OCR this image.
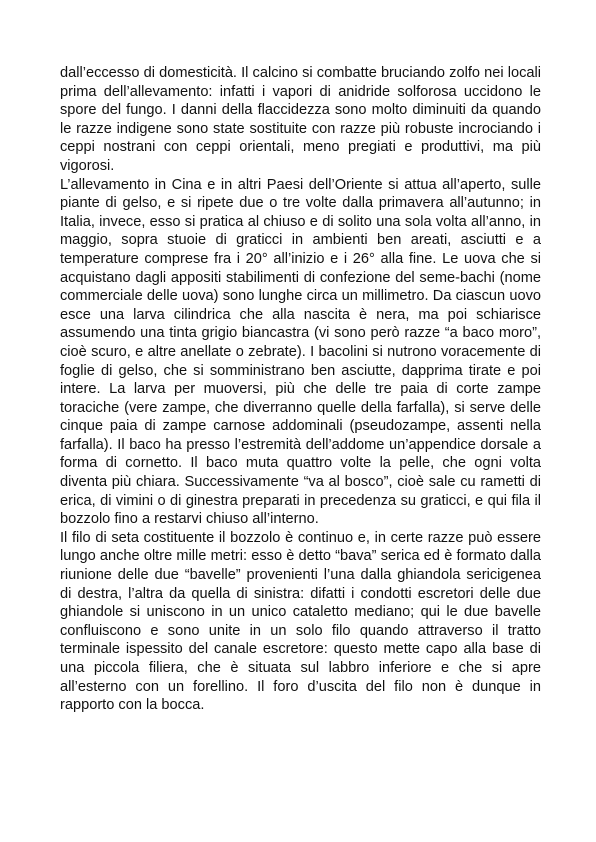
dall’eccesso di domesticità. Il calcino si combatte bruciando zolfo nei locali prima dell’allevamento: infatti i vapori di anidride solforosa uccidono le spore del fungo. I danni della flaccidezza sono molto diminuiti da quando le razze indigene sono state sostituite con razze più robuste incrociando i ceppi nostrani con ceppi orientali, meno pregiati e produttivi, ma più vigorosi.

L’allevamento in Cina e in altri Paesi dell’Oriente si attua all’aperto, sulle piante di gelso, e si ripete due o tre volte dalla primavera all’autunno; in Italia, invece, esso si pratica al chiuso e di solito una sola volta all’anno, in maggio, sopra stuoie di graticci in ambienti ben areati, asciutti e a temperature comprese fra i 20° all’inizio e i 26° alla fine. Le uova che si acquistano dagli appositi stabilimenti di confezione del seme-bachi (nome commerciale delle uova) sono lunghe circa un millimetro. Da ciascun uovo esce una larva cilindrica che alla nascita è nera, ma poi schiarisce assumendo una tinta grigio biancastra (vi sono però razze “a baco moro”, cioè scuro, e altre anellate o zebrate). I bacolini si nutrono voracemente di foglie di gelso, che si somministrano ben asciutte, dapprima tirate e poi intere. La larva per muoversi, più che delle tre paia di corte zampe toraciche (vere zampe, che diverranno quelle della farfalla), si serve delle cinque paia di zampe carnose addominali (pseudozampe, assenti nella farfalla). Il baco ha presso l’estremità dell’addome un’appendice dorsale a forma di cornetto. Il baco muta quattro volte la pelle, che ogni volta diventa più chiara. Successivamente “va al bosco”, cioè sale cu rametti di erica, di vimini o di ginestra preparati in precedenza su graticci, e qui fila il bozzolo fino a restarvi chiuso all’interno.

Il filo di seta costituente il bozzolo è continuo e, in certe razze può essere lungo anche oltre mille metri: esso è detto “bava” serica ed è formato dalla riunione delle due “bavelle” provenienti l’una dalla ghiandola sericigenea di destra, l’altra da quella di sinistra: difatti i condotti escretori delle due ghiandole si uniscono in un unico cataletto mediano; qui le due bavelle confluiscono e sono unite in un solo filo quando attraverso il tratto terminale ispessito del canale escretore: questo mette capo alla base di una piccola filiera, che è situata sul labbro inferiore e che si apre all’esterno con un forellino. Il foro d’uscita del filo non è dunque in rapporto con la bocca.
